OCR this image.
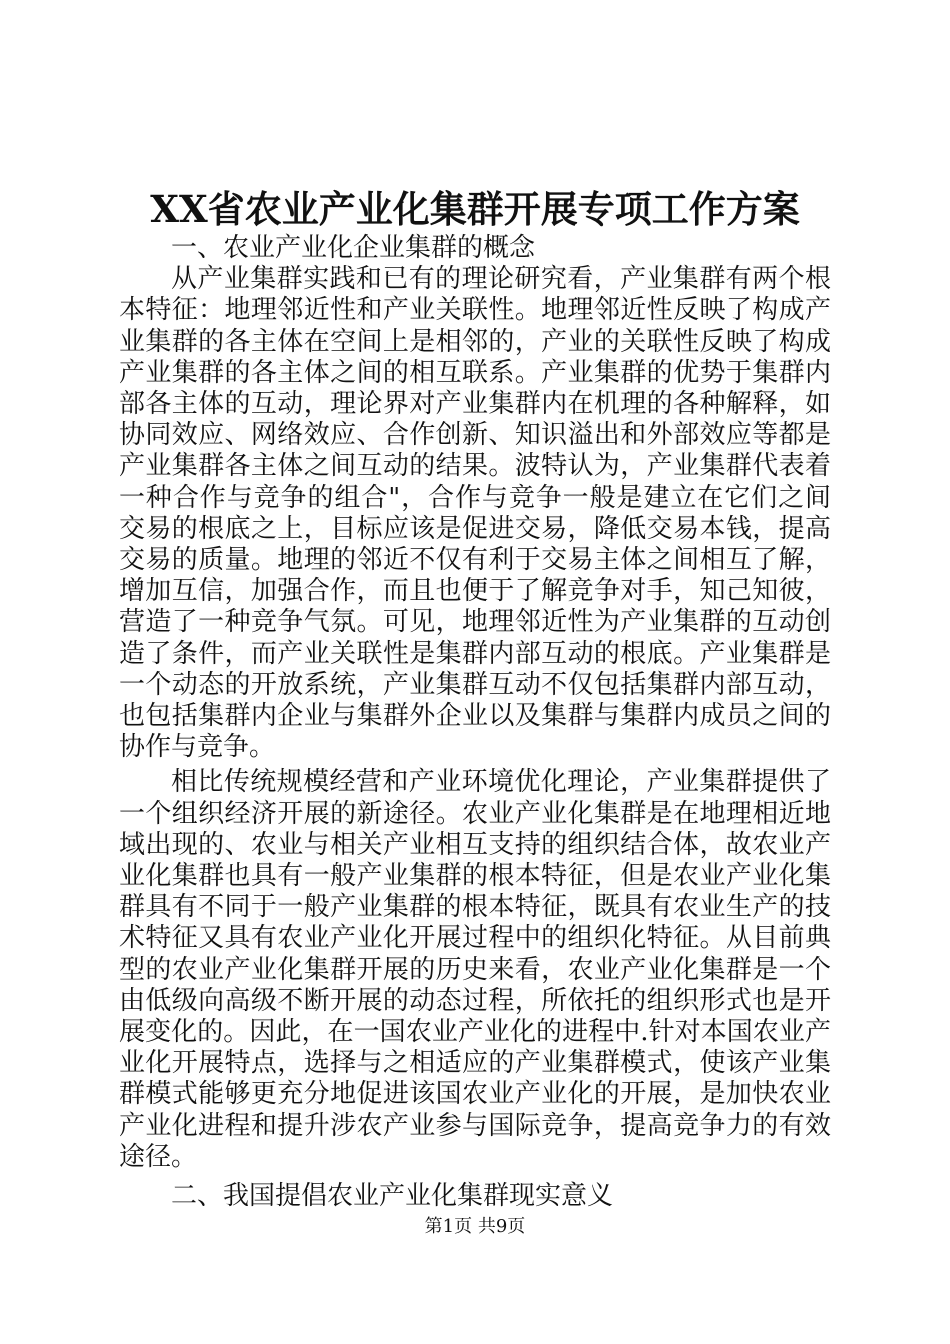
XX省农业产业化集群开展专项工作方案

一、农业产业化企业集群的概念

从产业集群实践和已有的理论研究看，产业集群有两个根本特征：地理邻近性和产业关联性。地理邻近性反映了构成产业集群的各主体在空间上是相邻的，产业的关联性反映了构成产业集群的各主体之间的相互联系。产业集群的优势于集群内部各主体的互动，理论界对产业集群内在机理的各种解释，如协同效应、网络效应、合作创新、知识溢出和外部效应等都是产业集群各主体之间互动的结果。波特认为，产业集群代表着一种合作与竞争的组合"，合作与竞争一般是建立在它们之间交易的根底之上，目标应该是促进交易，降低交易本钱，提高交易的质量。地理的邻近不仅有利于交易主体之间相互了解，增加互信，加强合作，而且也便于了解竞争对手，知己知彼，营造了一种竞争气氛。可见，地理邻近性为产业集群的互动创造了条件，而产业关联性是集群内部互动的根底。产业集群是一个动态的开放系统，产业集群互动不仅包括集群内部互动，也包括集群内企业与集群外企业以及集群与集群内成员之间的协作与竞争。

相比传统规模经营和产业环境优化理论，产业集群提供了一个组织经济开展的新途径。农业产业化集群是在地理相近地域出现的、农业与相关产业相互支持的组织结合体，故农业产业化集群也具有一般产业集群的根本特征，但是农业产业化集群具有不同于一般产业集群的根本特征，既具有农业生产的技术特征又具有农业产业化开展过程中的组织化特征。从目前典型的农业产业化集群开展的历史来看，农业产业化集群是一个由低级向高级不断开展的动态过程，所依托的组织形式也是开展变化的。因此，在一国农业产业化的进程中.针对本国农业产业化开展特点，选择与之相适应的产业集群模式，使该产业集群模式能够更充分地促进该国农业产业化的开展，是加快农业产业化进程和提升涉农产业参与国际竞争，提高竞争力的有效途径。

二、我国提倡农业产业化集群现实意义

第1页 共9页
